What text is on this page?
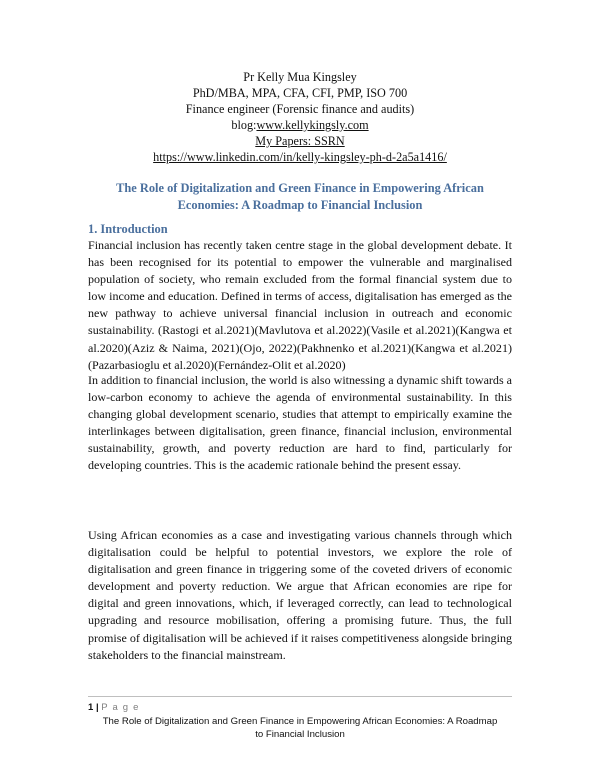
Pr Kelly Mua Kingsley
PhD/MBA, MPA, CFA, CFI, PMP, ISO 700
Finance engineer (Forensic finance and audits)
blog:www.kellykingsly.com
My Papers: SSRN
https://www.linkedin.com/in/kelly-kingsley-ph-d-2a5a1416/
The Role of Digitalization and Green Finance in Empowering African Economies: A Roadmap to Financial Inclusion
1. Introduction

Financial inclusion has recently taken centre stage in the global development debate. It has been recognised for its potential to empower the vulnerable and marginalised population of society, who remain excluded from the formal financial system due to low income and education. Defined in terms of access, digitalisation has emerged as the new pathway to achieve universal financial inclusion in outreach and economic sustainability. (Rastogi et al.2021)(Mavlutova et al.2022)(Vasile et al.2021)(Kangwa et al.2020)(Aziz & Naima, 2021)(Ojo, 2022)(Pakhnenko et al.2021)(Kangwa et al.2021)(Pazarbasioglu et al.2020)(Fernández-Olit et al.2020)

In addition to financial inclusion, the world is also witnessing a dynamic shift towards a low-carbon economy to achieve the agenda of environmental sustainability. In this changing global development scenario, studies that attempt to empirically examine the interlinkages between digitalisation, green finance, financial inclusion, environmental sustainability, growth, and poverty reduction are hard to find, particularly for developing countries. This is the academic rationale behind the present essay.

Using African economies as a case and investigating various channels through which digitalisation could be helpful to potential investors, we explore the role of digitalisation and green finance in triggering some of the coveted drivers of economic development and poverty reduction. We argue that African economies are ripe for digital and green innovations, which, if leveraged correctly, can lead to technological upgrading and resource mobilisation, offering a promising future. Thus, the full promise of digitalisation will be achieved if it raises competitiveness alongside bringing stakeholders to the financial mainstream.

1 | P a g e
The Role of Digitalization and Green Finance in Empowering African Economies: A Roadmap to Financial Inclusion
